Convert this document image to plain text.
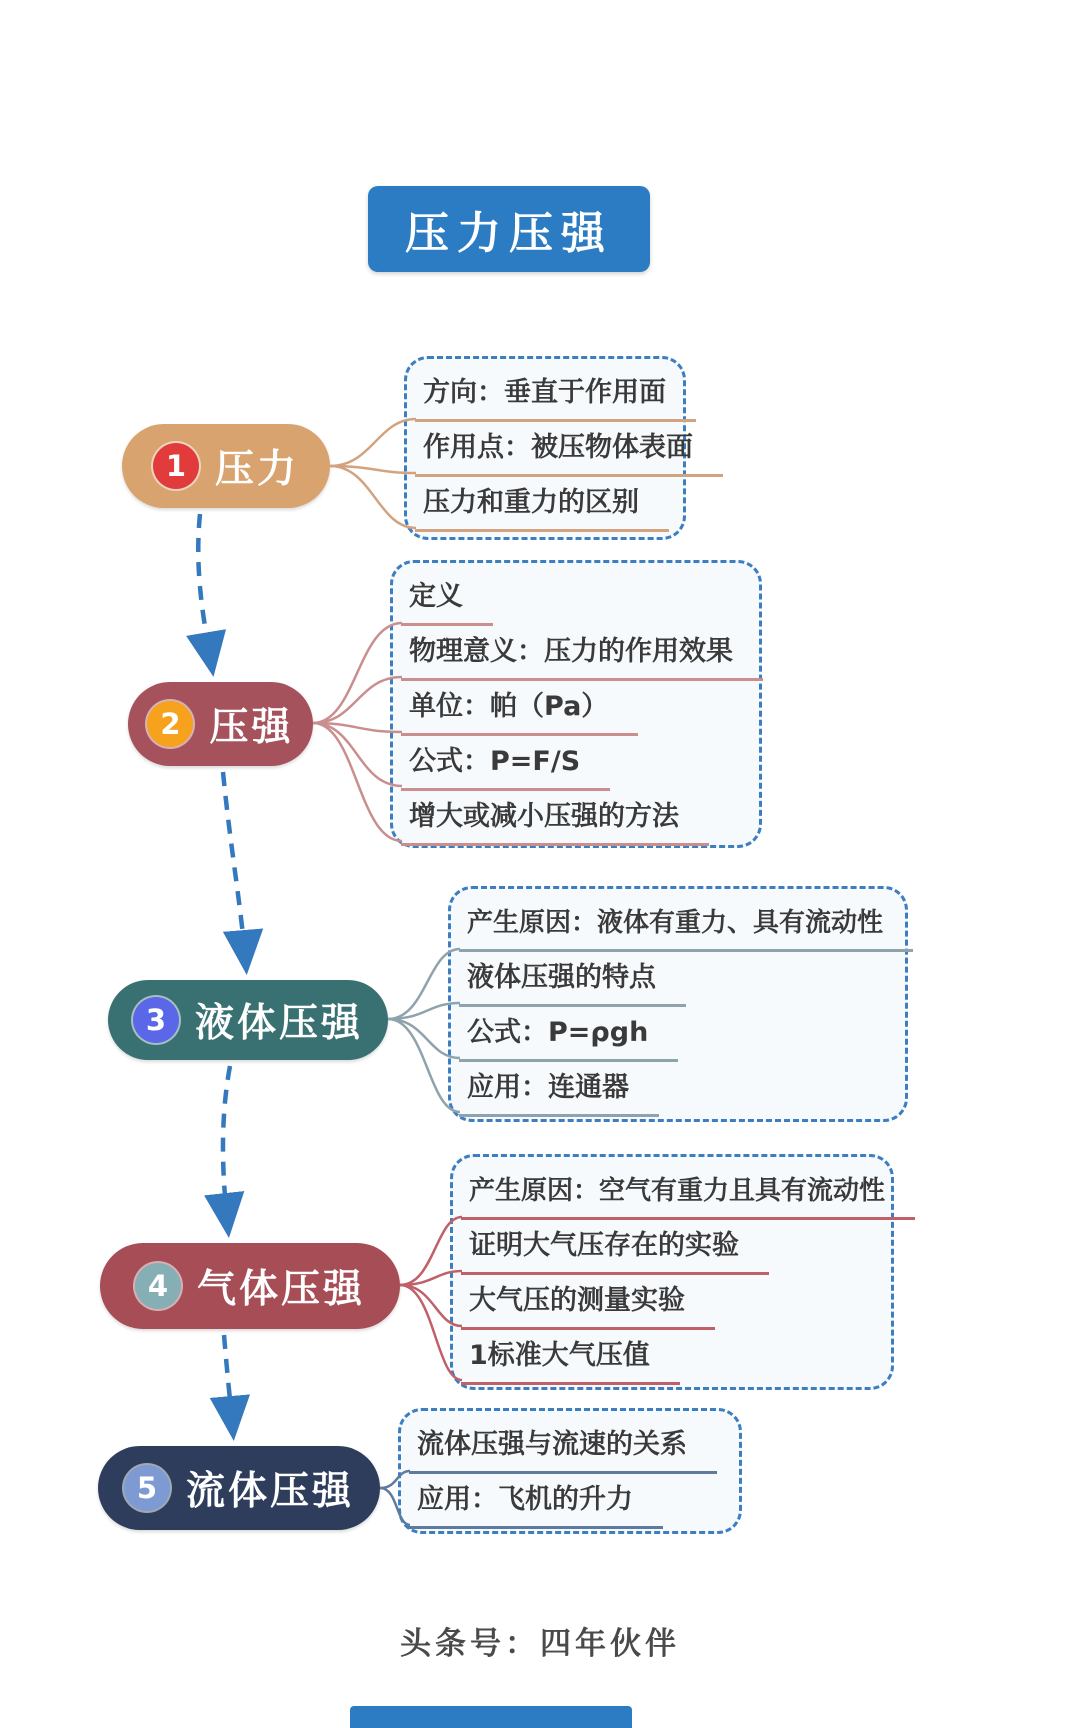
压力压强
1 压力
方向：垂直于作用面
作用点：被压物体表面
压力和重力的区别
2 压强
定义
物理意义：压力的作用效果
单位：帕（Pa）
公式：P=F/S
增大或减小压强的方法
3 液体压强
产生原因：液体有重力、具有流动性
液体压强的特点
公式：P=ρgh
应用：连通器
4 气体压强
产生原因：空气有重力且具有流动性
证明大气压存在的实验
大气压的测量实验
1标准大气压值
5 流体压强
流体压强与流速的关系
应用：飞机的升力
头条号：四年伙伴
